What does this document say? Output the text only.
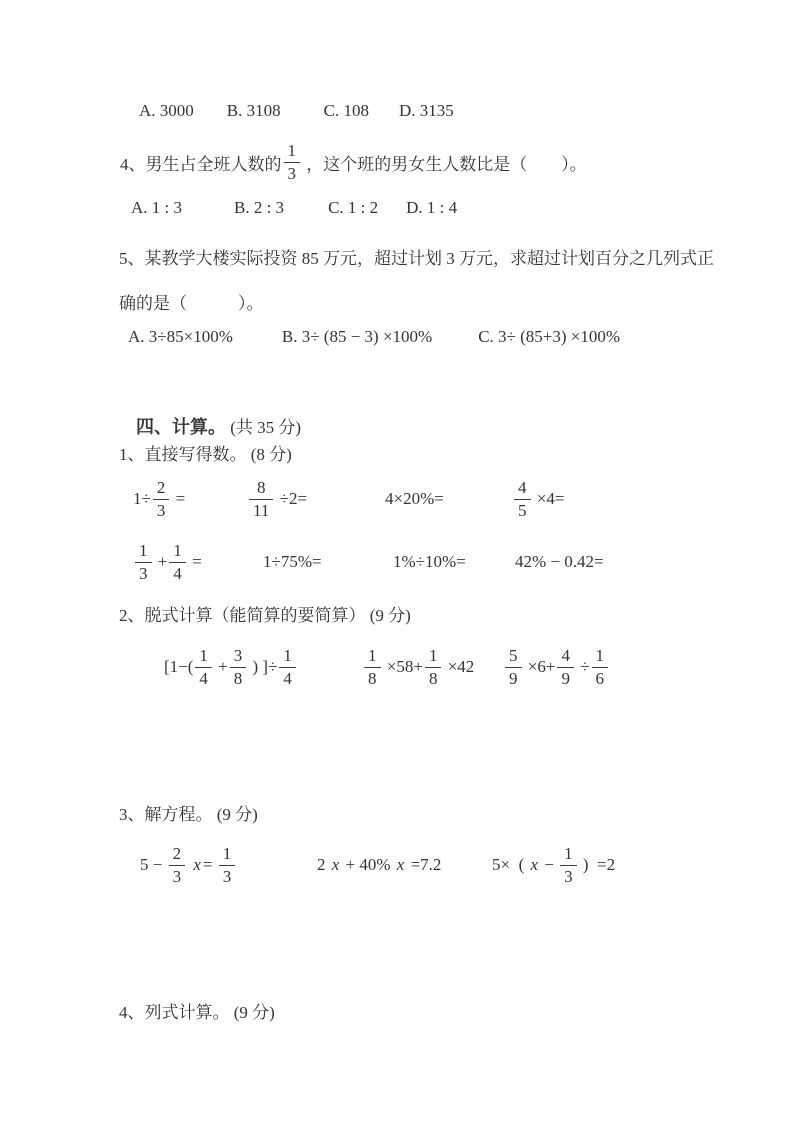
A. 3000 B. 3108	C. 108 D. 3135
4、男生占全班人数的 $\frac{1}{3}$ ，这个班的男女生人数比是（　　）。
A. 1 : 3	B. 2 : 3	C. 1 : 2 D. 1 : 4
5、某教学大楼实际投资 85 万元，超过计划 3 万元，求超过计划百分之几列式正
确的是（　　　）。
A. 3÷85×100%	B. 3÷ (85 − 3) ×100%	C. 3÷ (85+3) ×100%

四、计算。 (共 35 分)

1、直接写得数。 (8 分)
$1\div \frac{2}{3}$ =	$\frac{8}{11} \div 2=$	4×20%=	$\frac{4}{5} \times 4=$
$\frac{1}{3} + \frac{1}{4}$ =	1÷75%=	1%÷10%=	42% − 0.42=
2、脱式计算（能简算的要简算） (9 分)
[$1-( \frac{1}{4} + \frac{3}{8}$ ) ]÷ $\frac{1}{4}$	$\frac{1}{8} \times 58+ \frac{1}{8} \times 42 \frac{5}{9} \times 6+ \frac{4}{9} \div \frac{1}{6}$
3、解方程。 (9 分)
$5 - \frac{2}{3}$
$x = \frac{1}{3}$	2 x + 40% x =7.2	5×  ( $x - \frac{1}{3}$ )  =2
4、列式计算。 (9 分)
